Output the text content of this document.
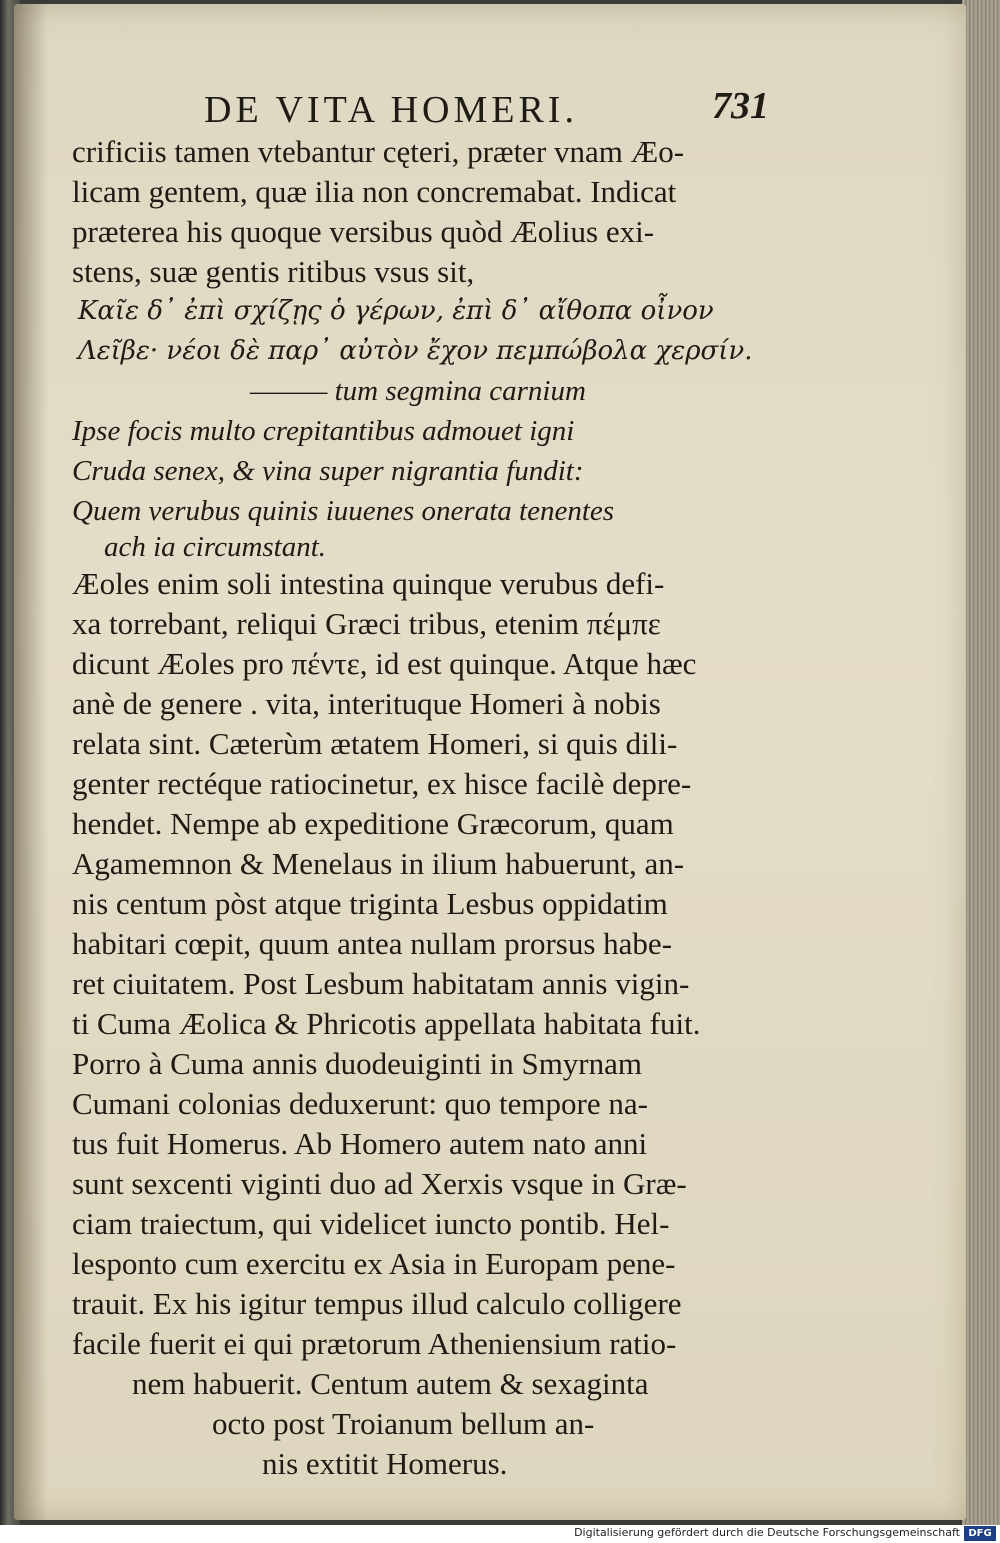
DE VITA HOMERI.	731
crificiis tamen vtebantur cęteri, præter vnam Æo-
licam gentem, quæ ilia non concremabat. Indicat
præterea his quoque versibus quòd Æolius exi-
stens, suæ gentis ritibus vsus sit,
Καῖε δ᾽ ἐπὶ σχίζῃς ὁ γέρων, ἐπὶ δ᾽ αἴθοπα οἶνον
Λεῖβε· νέοι δὲ παρ᾽ αὐτὸν ἔχον πεμπώβολα χερσίν.
——— tum segmina carnium
Ipse focis multo crepitantibus admouet igni
Cruda senex, & vina super nigrantia fundit:
Quem verubus quinis iuuenes onerata tenentes
ach ia circumstant.
Æoles enim soli intestina quinque verubus defi-
xa torrebant, reliqui Græci tribus, etenim πέμπε
dicunt Æoles pro πέντε, id est quinque. Atque hæc
anè de genere . vita, interituque Homeri à nobis
relata sint. Cæterùm ætatem Homeri, si quis dili-
genter rectéque ratiocinetur, ex hisce facilè depre-
hendet. Nempe ab expeditione Græcorum, quam
Agamemnon & Menelaus in ilium habuerunt, an-
nis centum pòst atque triginta Lesbus oppidatim
habitari cœpit, quum antea nullam prorsus habe-
ret ciuitatem. Post Lesbum habitatam annis vigin-
ti Cuma Æolica & Phricotis appellata habitata fuit.
Porro à Cuma annis duodeuiginti in Smyrnam
Cumani colonias deduxerunt: quo tempore na-
tus fuit Homerus. Ab Homero autem nato anni
sunt sexcenti viginti duo ad Xerxis vsque in Græ-
ciam traiectum, qui videlicet iuncto pontib. Hel-
lesponto cum exercitu ex Asia in Europam pene-
trauit. Ex his igitur tempus illud calculo colligere
facile fuerit ei qui prætorum Atheniensium ratio-
nem habuerit. Centum autem & sexaginta
octo post Troianum bellum an-
nis extitit Homerus.
Digitalisierung gefördert durch die Deutsche Forschungsgemeinschaft DFG
